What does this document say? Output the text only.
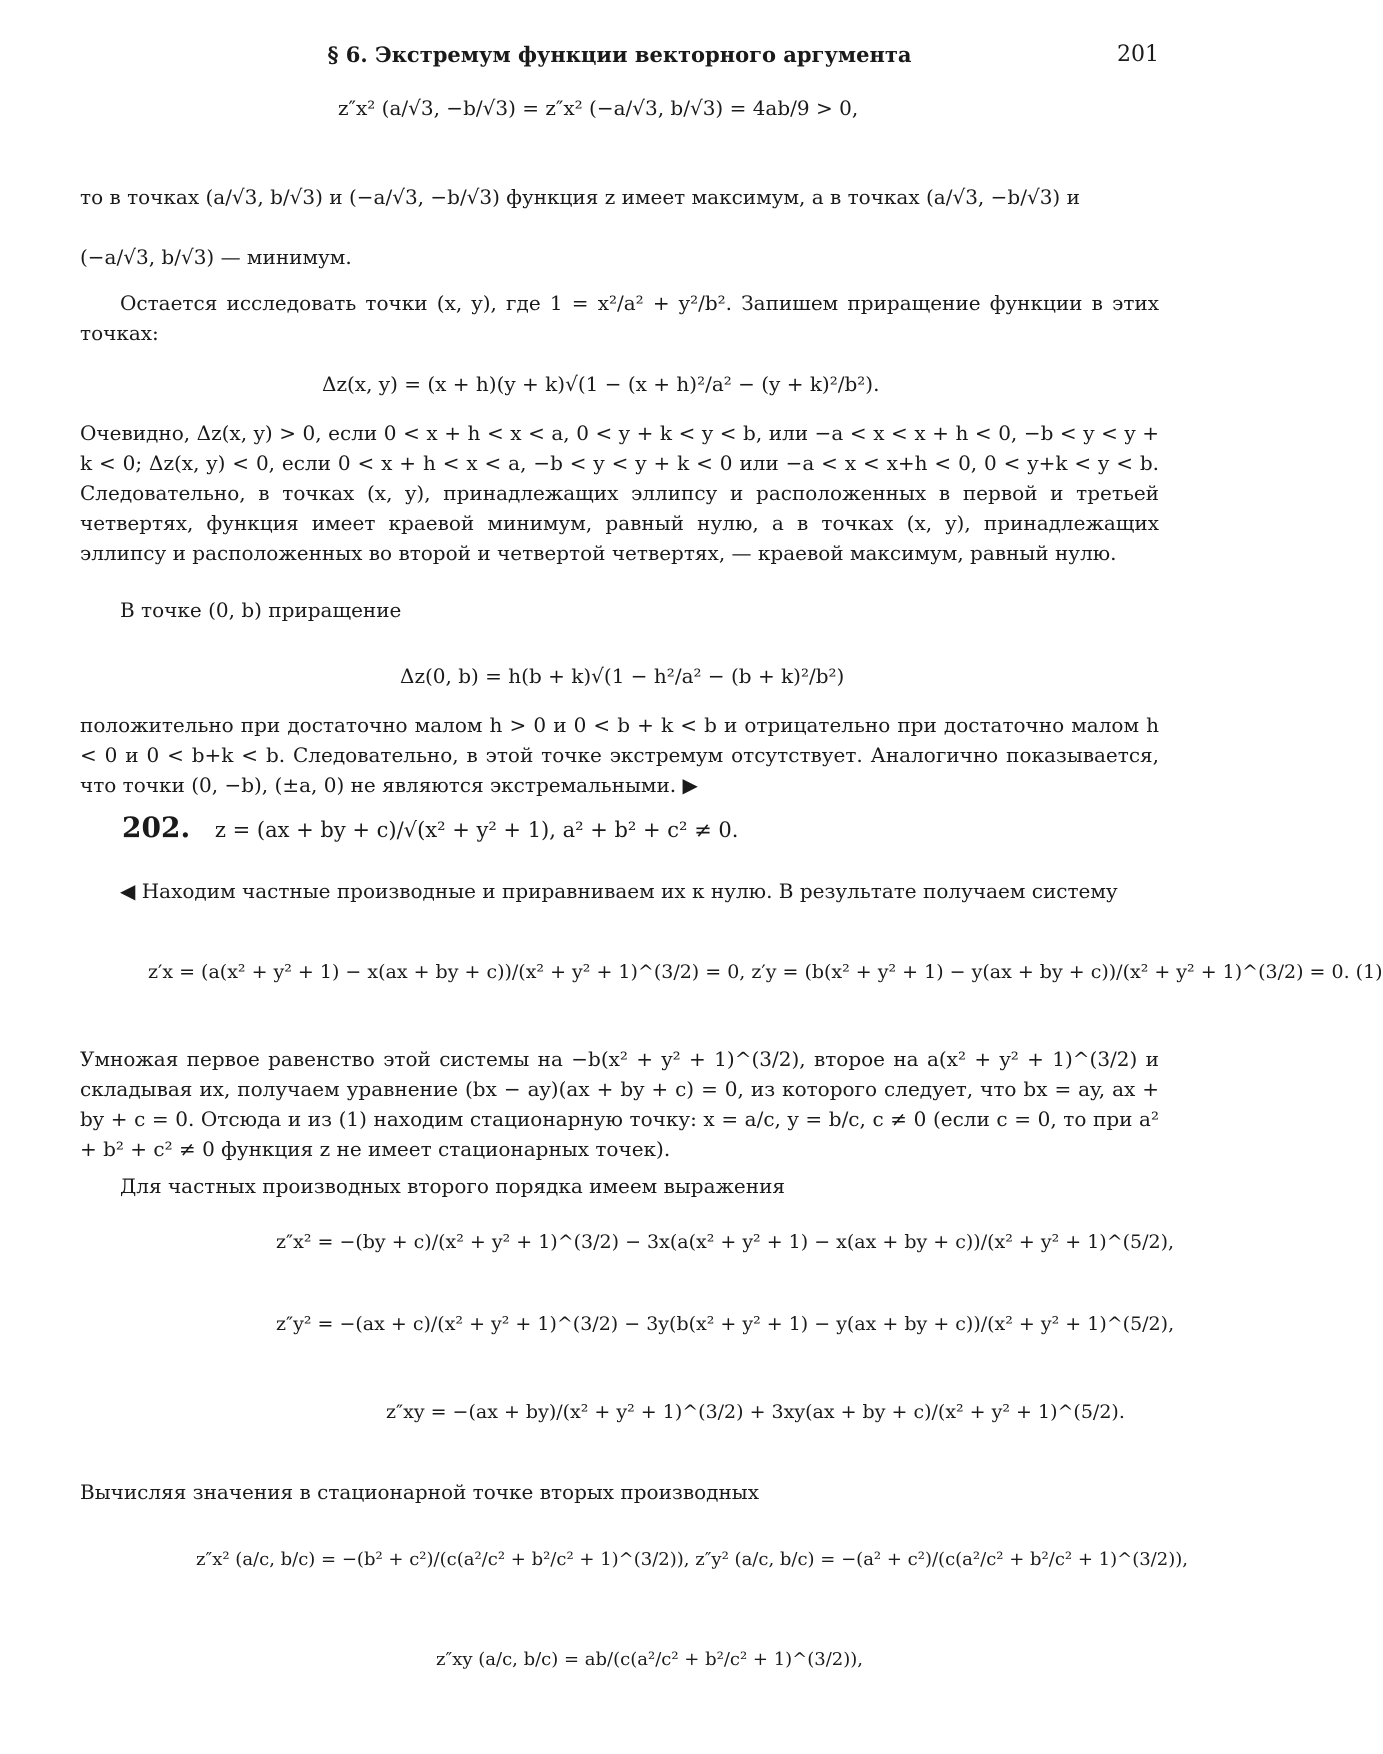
§ 6. Экстремум функции векторного аргумента	201
z″x² (a/√3, −b/√3) = z″x² (−a/√3, b/√3) = 4ab/9 > 0,
то в точках (a/√3, b/√3) и (−a/√3, −b/√3) функция z имеет максимум, а в точках (a/√3, −b/√3) и
(−a/√3, b/√3) — минимум.
Остается исследовать точки (x, y), где 1 = x²/a² + y²/b². Запишем приращение функции в этих точках:
Δz(x, y) = (x + h)(y + k)√(1 − (x + h)²/a² − (y + k)²/b²).
Очевидно, Δz(x, y) > 0, если 0 < x + h < x < a, 0 < y + k < y < b, или −a < x < x + h < 0, −b < y < y + k < 0; Δz(x, y) < 0, если 0 < x + h < x < a, −b < y < y + k < 0 или −a < x < x+h < 0, 0 < y+k < y < b. Следовательно, в точках (x, y), принадлежащих эллипсу и расположенных в первой и третьей четвертях, функция имеет краевой минимум, равный нулю, а в точках (x, y), принадлежащих эллипсу и расположенных во второй и четвертой четвертях, — краевой максимум, равный нулю.
В точке (0, b) приращение
Δz(0, b) = h(b + k)√(1 − h²/a² − (b + k)²/b²)
положительно при достаточно малом h > 0 и 0 < b + k < b и отрицательно при достаточно малом h < 0 и 0 < b+k < b. Следовательно, в этой точке экстремум отсутствует. Аналогично показывается, что точки (0, −b), (±a, 0) не являются экстремальными. ▶
202. z = (ax + by + c)/√(x² + y² + 1), a² + b² + c² ≠ 0.
◀ Находим частные производные и приравниваем их к нулю. В результате получаем систему
z′x = (a(x² + y² + 1) − x(ax + by + c))/(x² + y² + 1)^(3/2) = 0, z′y = (b(x² + y² + 1) − y(ax + by + c))/(x² + y² + 1)^(3/2) = 0. (1)
Умножая первое равенство этой системы на −b(x² + y² + 1)^(3/2), второе на a(x² + y² + 1)^(3/2) и складывая их, получаем уравнение (bx − ay)(ax + by + c) = 0, из которого следует, что bx = ay, ax + by + c = 0. Отсюда и из (1) находим стационарную точку: x = a/c, y = b/c, c ≠ 0 (если c = 0, то при a² + b² + c² ≠ 0 функция z не имеет стационарных точек).
Для частных производных второго порядка имеем выражения
z″x² = −(by + c)/(x² + y² + 1)^(3/2) − 3x(a(x² + y² + 1) − x(ax + by + c))/(x² + y² + 1)^(5/2),
z″y² = −(ax + c)/(x² + y² + 1)^(3/2) − 3y(b(x² + y² + 1) − y(ax + by + c))/(x² + y² + 1)^(5/2),
z″xy = −(ax + by)/(x² + y² + 1)^(3/2) + 3xy(ax + by + c)/(x² + y² + 1)^(5/2).
Вычисляя значения в стационарной точке вторых производных
z″x² (a/c, b/c) = −(b² + c²)/(c(a²/c² + b²/c² + 1)^(3/2)), z″y² (a/c, b/c) = −(a² + c²)/(c(a²/c² + b²/c² + 1)^(3/2)),
z″xy (a/c, b/c) = ab/(c(a²/c² + b²/c² + 1)^(3/2)),
